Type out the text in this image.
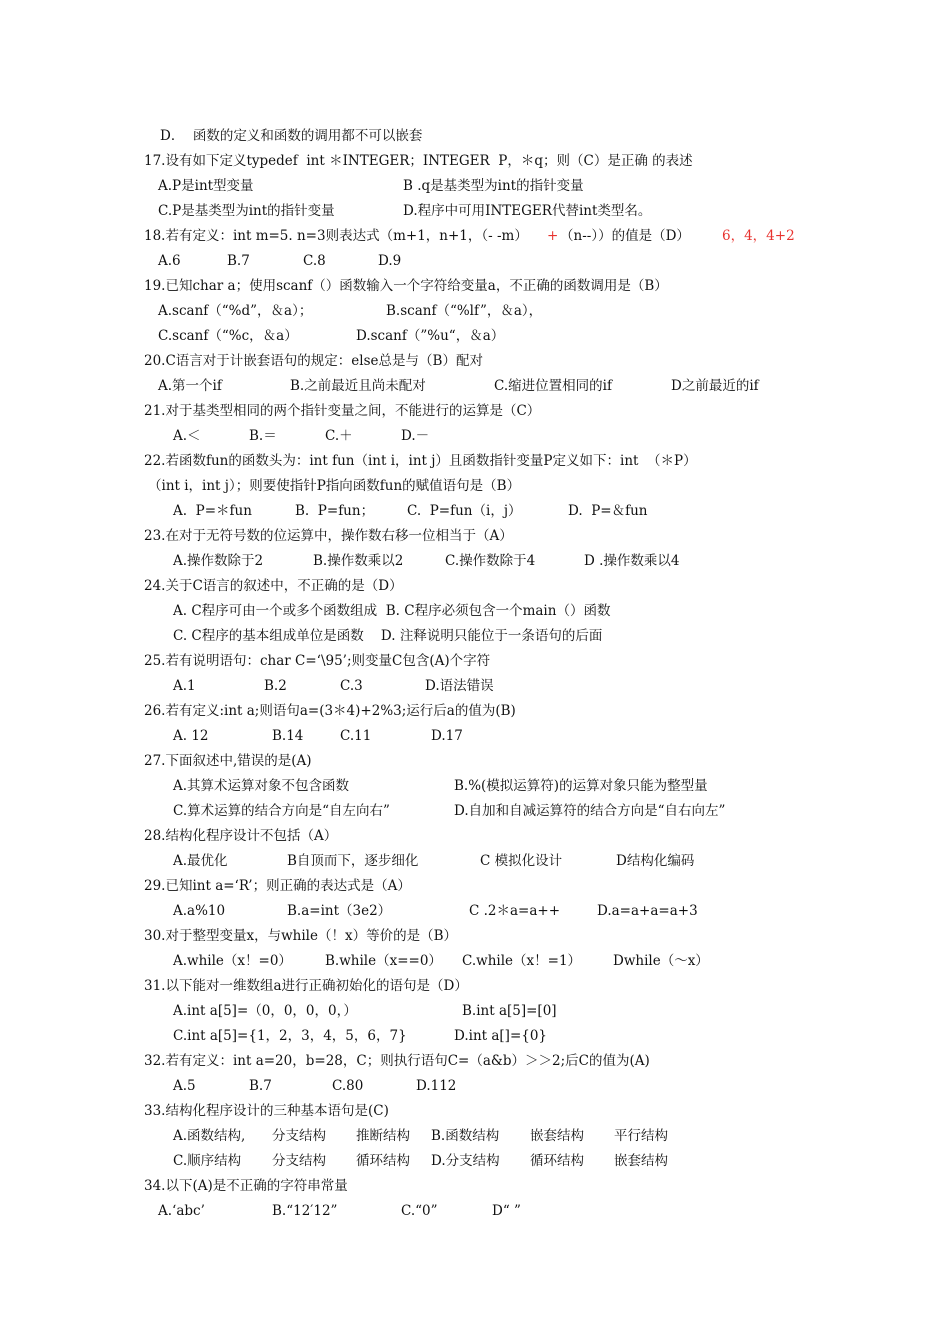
D．  函数的定义和函数的调用都不可以嵌套
17.设有如下定义typedef  int ＊INTEGER；INTEGER  P，＊q；则（C）是正确 的表述
A.P是int型变量	B .q是基类型为int的指针变量
C.P是基类型为int的指针变量	D.程序中可用INTEGER代替int类型名。
18.若有定义：int m=5. n=3则表达式（m+1，n+1，（- -m） + （n--））的值是（D） 6，4，4+2
A.6	B.7	C.8	D.9
19.已知char a；使用scanf（）函数输入一个字符给变量a，不正确的函数调用是（B）
A.scanf（“%d”，＆a）；	B.scanf（“%lf”，＆a），
C.scanf（“%c，＆a）	D.scanf（”%u“，＆a）
20.C语言对于计嵌套语句的规定：else总是与（B）配对
A.第一个if	B.之前最近且尚未配对	C.缩进位置相同的if	D之前最近的if
21.对于基类型相同的两个指针变量之间，不能进行的运算是（C）
A.＜	B.＝	C.＋	D.－
22.若函数fun的函数头为：int fun（int i，int j）且函数指针变量P定义如下：int  （＊P）
（int i，int j）；则要使指针P指向函数fun的赋值语句是（B）
A.  P=＊fun	B.  P=fun； C.  P=fun（i，j）	D.  P=＆fun
23.在对于无符号数的位运算中，操作数右移一位相当于（A）
A.操作数除于2	B.操作数乘以2	C.操作数除于4	D .操作数乘以4
24.关于C语言的叙述中，不正确的是（D）
A. C程序可由一个或多个函数组成  B. C程序必须包含一个main（）函数
C. C程序的基本组成单位是函数    D. 注释说明只能位于一条语句的后面
25.若有说明语句：char C=‘\95’;则变量C包含(A)个字符
A.1	B.2	C.3	D.语法错误
26.若有定义:int a;则语句a=(3＊4)+2%3;运行后a的值为(B)
A. 12	B.14	C.11	D.17
27.下面叙述中,错误的是(A)
A.其算术运算对象不包含函数	B.%(模拟运算符)的运算对象只能为整型量
C.算术运算的结合方向是“自左向右”	D.自加和自减运算符的结合方向是“自右向左”
28.结构化程序设计不包括（A）
A.最优化	B自顶而下，逐步细化	C 模拟化设计	D结构化编码
29.已知int a=‘R’；则正确的表达式是（A）
A.a%10	B.a=int（3e2）	C .2＊a=a++	D.a=a+a=a+3
30.对于整型变量x，与while（！x）等价的是（B）
A.while（x！=0） B.while（x==0） C.while（x！=1） Dwhile（～x）
31.以下能对一维数组a进行正确初始化的语句是（D）
A.int a[5]=（0，0，0，0，）	B.int a[5]=[0]
C.int a[5]={1，2，3，4，5，6，7}	D.int a[]={0}
32.若有定义：int a=20，b=28，C；则执行语句C=（a&b）＞＞2;后C的值为(A)
A.5	B.7	C.80	D.112
33.结构化程序设计的三种基本语句是(C)
A.函数结构, 分支结构 推断结构 B.函数结构 嵌套结构 平行结构
C.顺序结构 分支结构 循环结构 D.分支结构 循环结构 嵌套结构
34.以下(A)是不正确的字符串常量
A.‘abc’	B.“12′12”	C.“0”	D“ ”
